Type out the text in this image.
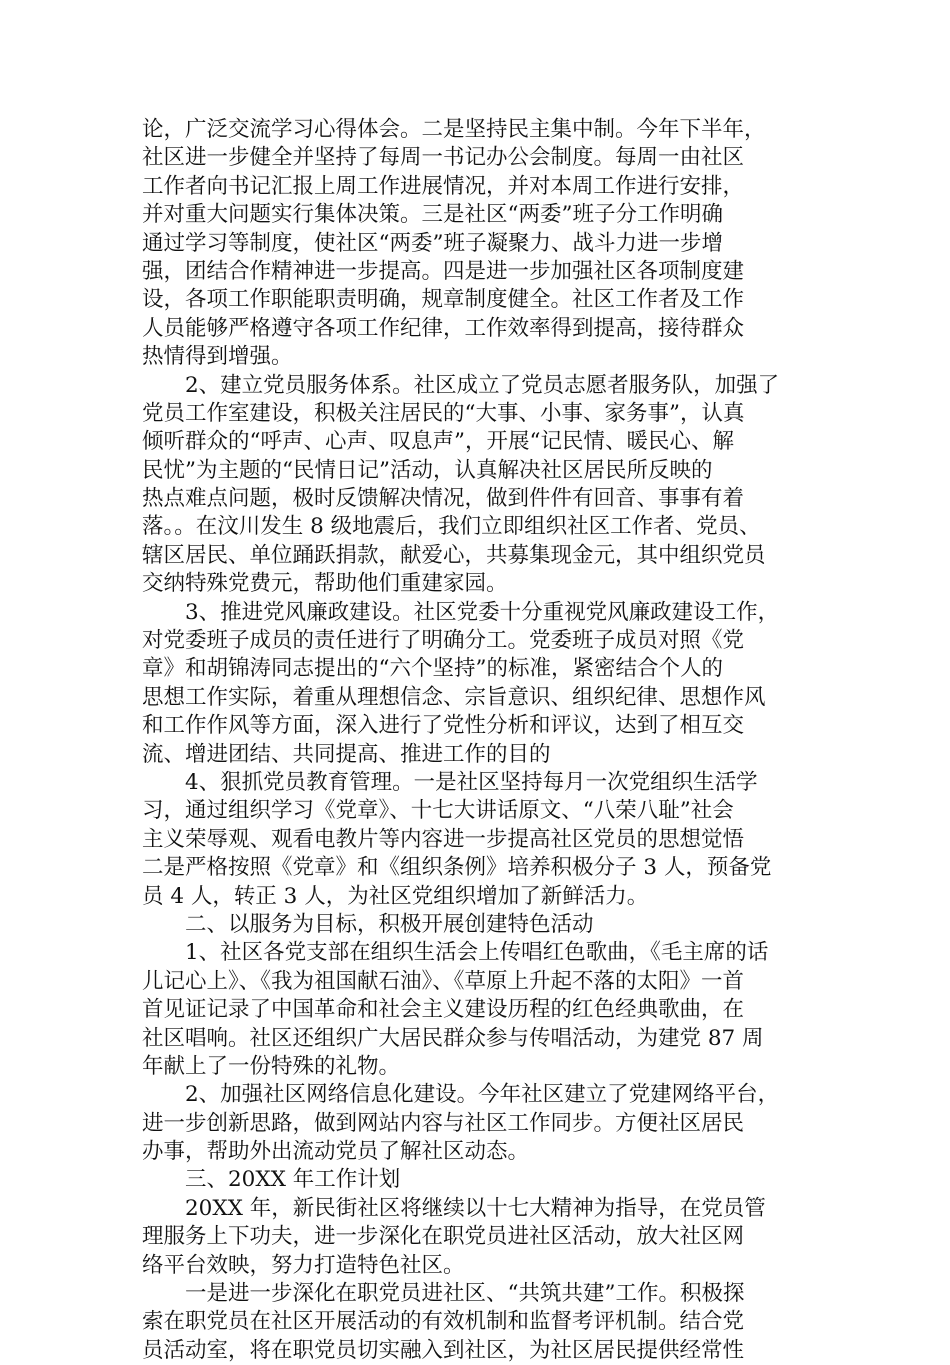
论，广泛交流学习心得体会。二是坚持民主集中制。今年下半年，
社区进一步健全并坚持了每周一书记办公会制度。每周一由社区
工作者向书记汇报上周工作进展情况，并对本周工作进行安排，
并对重大问题实行集体决策。三是社区“两委”班子分工作明确
通过学习等制度，使社区“两委”班子凝聚力、战斗力进一步增
强，团结合作精神进一步提高。四是进一步加强社区各项制度建
设，各项工作职能职责明确，规章制度健全。社区工作者及工作
人员能够严格遵守各项工作纪律，工作效率得到提高，接待群众
热情得到增强。
　　2、建立党员服务体系。社区成立了党员志愿者服务队，加强了
党员工作室建设，积极关注居民的“大事、小事、家务事”，认真
倾听群众的“呼声、心声、叹息声”，开展“记民情、暖民心、解
民忧”为主题的“民情日记”活动，认真解决社区居民所反映的
热点难点问题，极时反馈解决情况，做到件件有回音、事事有着
落。。在汶川发生 8 级地震后，我们立即组织社区工作者、党员、
辖区居民、单位踊跃捐款，献爱心，共募集现金元，其中组织党员
交纳特殊党费元，帮助他们重建家园。
　　3、推进党风廉政建设。社区党委十分重视党风廉政建设工作，
对党委班子成员的责任进行了明确分工。党委班子成员对照《党
章》和胡锦涛同志提出的“六个坚持”的标准，紧密结合个人的
思想工作实际，着重从理想信念、宗旨意识、组织纪律、思想作风
和工作作风等方面，深入进行了党性分析和评议，达到了相互交
流、增进团结、共同提高、推进工作的目的
　　4、狠抓党员教育管理。一是社区坚持每月一次党组织生活学
习，通过组织学习《党章》、十七大讲话原文、“八荣八耻”社会
主义荣辱观、观看电教片等内容进一步提高社区党员的思想觉悟
二是严格按照《党章》和《组织条例》培养积极分子 3 人，预备党
员 4 人，转正 3 人，为社区党组织增加了新鲜活力。
　　二、以服务为目标，积极开展创建特色活动
　　1、社区各党支部在组织生活会上传唱红色歌曲，《毛主席的话
儿记心上》、《我为祖国献石油》、《草原上升起不落的太阳》一首
首见证记录了中国革命和社会主义建设历程的红色经典歌曲，在
社区唱响。社区还组织广大居民群众参与传唱活动，为建党 87 周
年献上了一份特殊的礼物。
　　2、加强社区网络信息化建设。今年社区建立了党建网络平台，
进一步创新思路，做到网站内容与社区工作同步。方便社区居民
办事，帮助外出流动党员了解社区动态。
　　三、20XX 年工作计划
　　20XX 年，新民街社区将继续以十七大精神为指导，在党员管
理服务上下功夫，进一步深化在职党员进社区活动，放大社区网
络平台效映，努力打造特色社区。
　　一是进一步深化在职党员进社区、“共筑共建”工作。积极探
索在职党员在社区开展活动的有效机制和监督考评机制。结合党
员活动室，将在职党员切实融入到社区，为社区居民提供经常性
